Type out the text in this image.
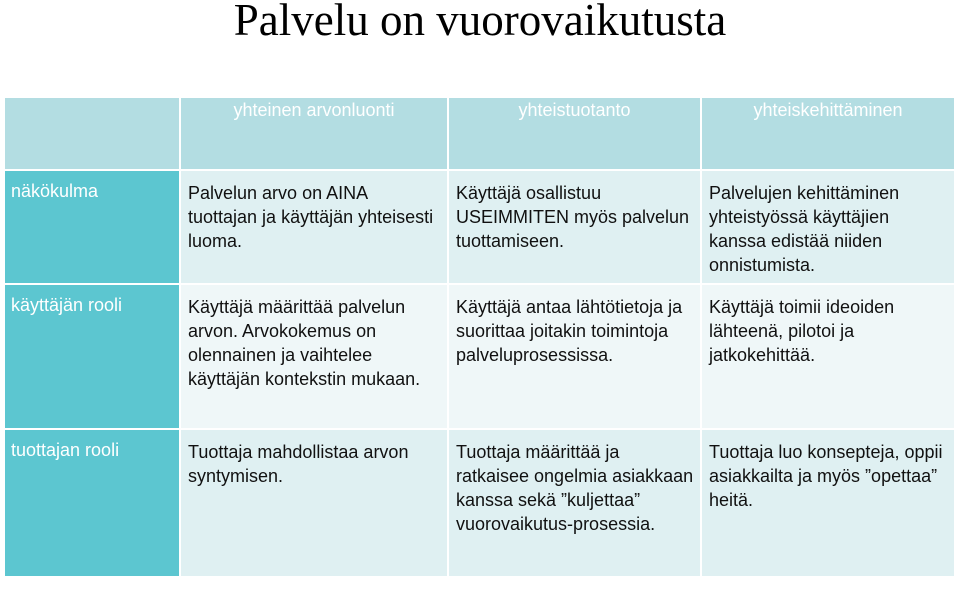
Palvelu on vuorovaikutusta

	yhteinen arvonluonti	yhteistuotanto	yhteiskehittäminen

näkökulma	Palvelun arvo on AINA tuottajan ja käyttäjän yhteisesti luoma.	Käyttäjä osallistuu USEIMMITEN myös palvelun tuottamiseen.	Palvelujen kehittäminen yhteistyössä käyttäjien kanssa edistää niiden onnistumista.
käyttäjän rooli	Käyttäjä määrittää palvelun arvon. Arvokokemus on olennainen ja vaihtelee käyttäjän kontekstin mukaan.	Käyttäjä antaa lähtötietoja ja suorittaa joitakin toimintoja palveluprosessissa.	Käyttäjä toimii ideoiden lähteenä, pilotoi ja jatkokehittää.
tuottajan rooli	Tuottaja mahdollistaa arvon syntymisen.	Tuottaja määrittää ja ratkaisee ongelmia asiakkaan kanssa sekä ”kuljettaa” vuorovaikutus-prosessia.	Tuottaja luo konsepteja, oppii asiakkailta ja myös ”opettaa” heitä.
